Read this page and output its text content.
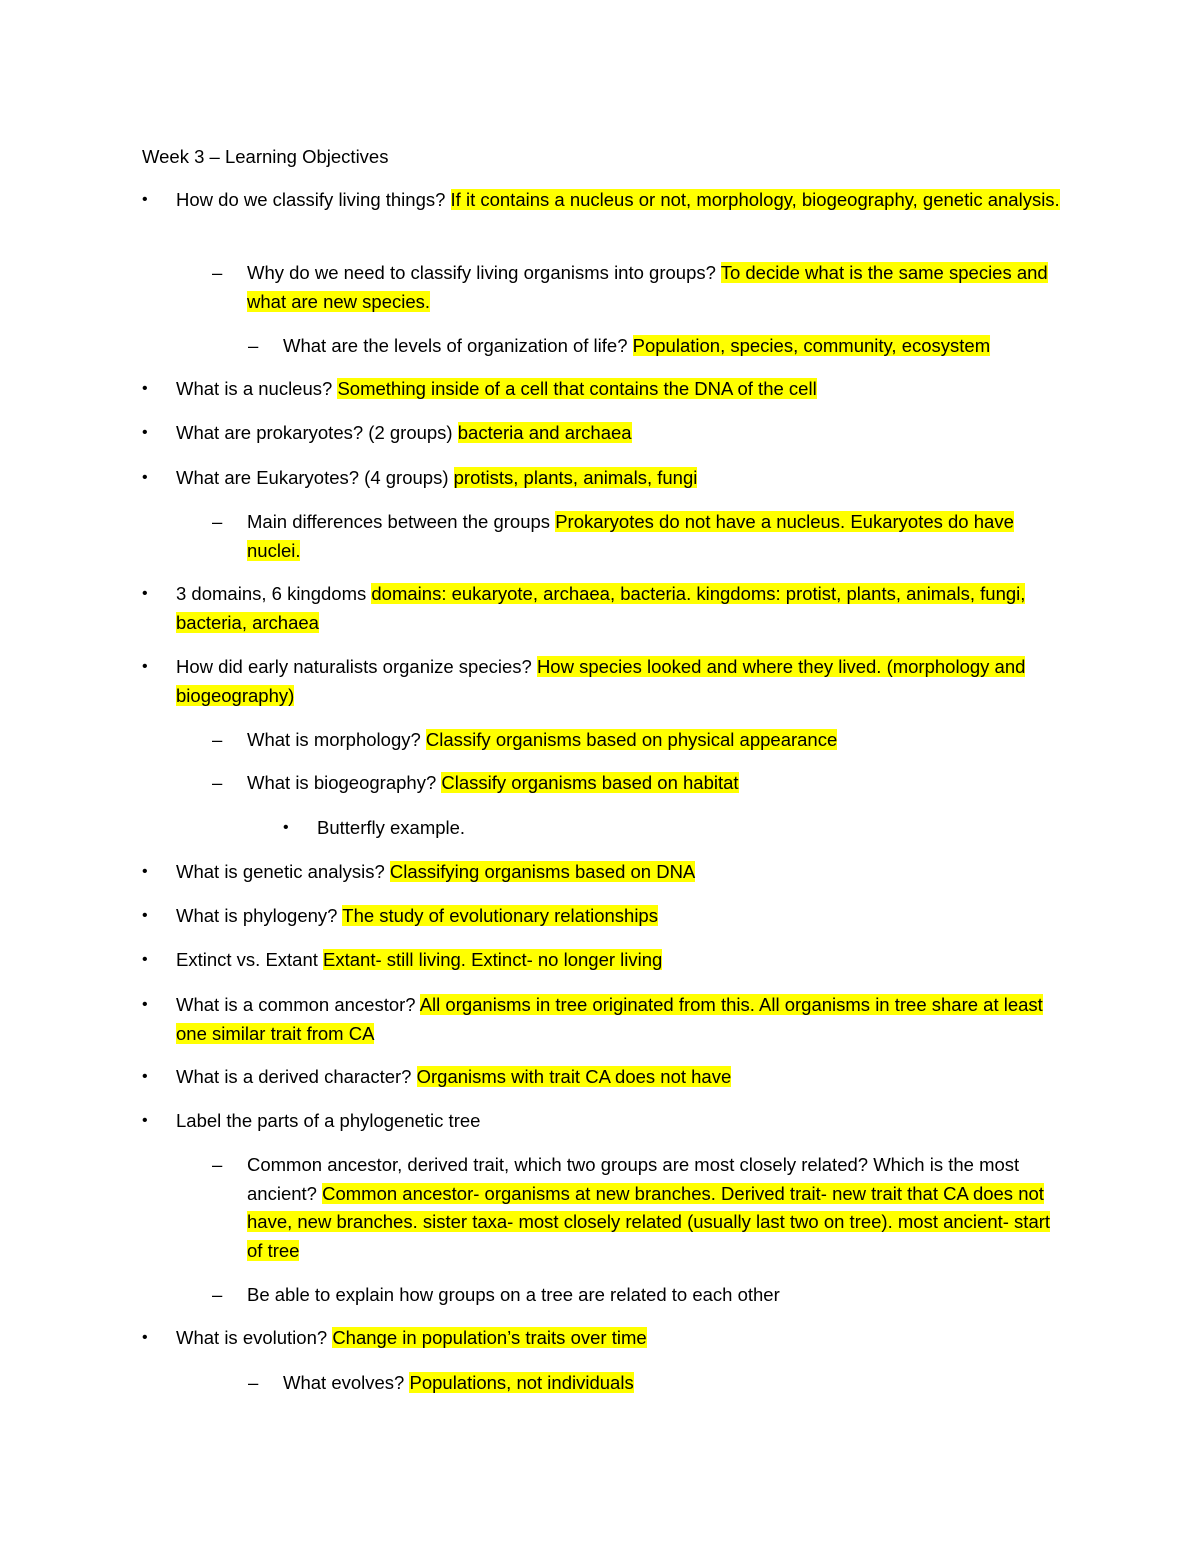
Week 3 – Learning Objectives
• How do we classify living things? If it contains a nucleus or not, morphology, biogeography, genetic analysis.
– Why do we need to classify living organisms into groups? To decide what is the same species and what are new species.
– What are the levels of organization of life? Population, species, community, ecosystem
• What is a nucleus? Something inside of a cell that contains the DNA of the cell
• What are prokaryotes? (2 groups) bacteria and archaea
• What are Eukaryotes? (4 groups) protists, plants, animals, fungi
– Main differences between the groups Prokaryotes do not have a nucleus. Eukaryotes do have nuclei.
• 3 domains, 6 kingdoms domains: eukaryote, archaea, bacteria. kingdoms: protist, plants, animals, fungi, bacteria, archaea
• How did early naturalists organize species? How species looked and where they lived. (morphology and biogeography)
– What is morphology? Classify organisms based on physical appearance
– What is biogeography? Classify organisms based on habitat
• Butterfly example.
• What is genetic analysis? Classifying organisms based on DNA
• What is phylogeny? The study of evolutionary relationships
• Extinct vs. Extant Extant- still living. Extinct- no longer living
• What is a common ancestor? All organisms in tree originated from this. All organisms in tree share at least one similar trait from CA
• What is a derived character? Organisms with trait CA does not have
• Label the parts of a phylogenetic tree
– Common ancestor, derived trait, which two groups are most closely related? Which is the most ancient? Common ancestor- organisms at new branches. Derived trait- new trait that CA does not have, new branches. sister taxa- most closely related (usually last two on tree). most ancient- start of tree
– Be able to explain how groups on a tree are related to each other
• What is evolution? Change in population’s traits over time
– What evolves? Populations, not individuals
